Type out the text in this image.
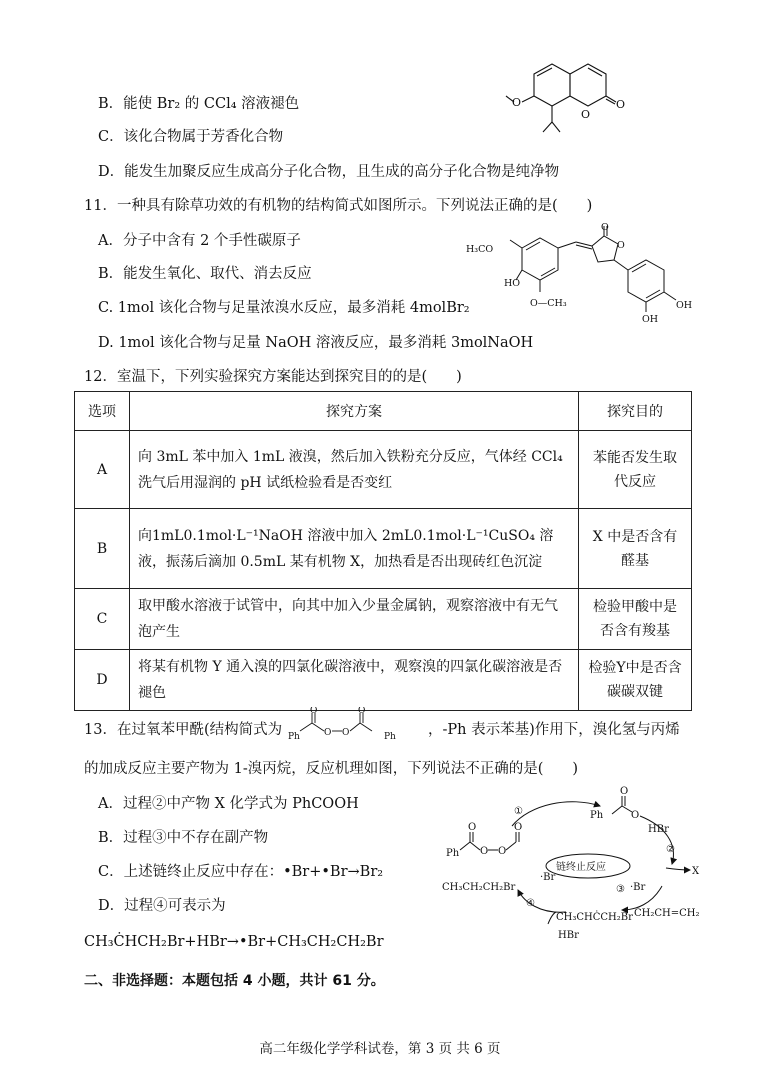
B．能使 Br₂ 的 CCl₄ 溶液褪色
C．该化合物属于芳香化合物
D．能发生加聚反应生成高分子化合物，且生成的高分子化合物是纯净物
O
O
O
11．一种具有除草功效的有机物的结构简式如图所示。下列说法正确的是(　　)
A．分子中含有 2 个手性碳原子
B．能发生氧化、取代、消去反应
C. 1mol 该化合物与足量浓溴水反应，最多消耗 4molBr₂
D. 1mol 该化合物与足量 NaOH 溶液反应，最多消耗 3molNaOH
H₃CO
O
O
HO
O—CH₃	OH
OH
12．室温下，下列实验探究方案能达到探究目的的是(　　)
选项	探究方案	探究目的
A	向 3mL 苯中加入 1mL 液溴，然后加入铁粉充分反应，气体经 CCl₄ 洗气后用湿润的 pH 试纸检验看是否变红	苯能否发生取代反应
B	向1mL0.1mol·L⁻¹NaOH 溶液中加入 2mL0.1mol·L⁻¹CuSO₄ 溶液，振荡后滴加 0.5mL 某有机物 X，加热看是否出现砖红色沉淀	X 中是否含有醛基
C	取甲酸水溶液于试管中，向其中加入少量金属钠，观察溶液中有无气泡产生	检验甲酸中是否含有羧基
D	将某有机物 Y 通入溴的四氯化碳溶液中，观察溴的四氯化碳溶液是否褪色	检验Y中是否含碳碳双键
13．在过氧苯甲酰(结构简式为 Ph
O
O O
O
Ph ，-Ph 表示苯基)作用下，溴化氢与丙烯
的加成反应主要产物为 1-溴丙烷，反应机理如图，下列说法不正确的是(　　)
A．过程②中产物 X 化学式为 PhCOOH
B．过程③中不存在副产物
C．上述链终止反应中存在：•Br+•Br→Br₂
D．过程④可表示为
CH₃ĊHCH₂Br+HBr→•Br+CH₃CH₂CH₂Br
Ph
O
O O
O
Ph
O
O
①
HBr
②
X
链终止反应
③ ·Br
·Br
CH₃CH₂CH₂Br
CH₂CH=CH₂
④
CH₃CHĊCH₂Br
HBr
二、非选择题：本题包括 4 小题，共计 61 分。
高二年级化学学科试卷，第 3 页 共 6 页
